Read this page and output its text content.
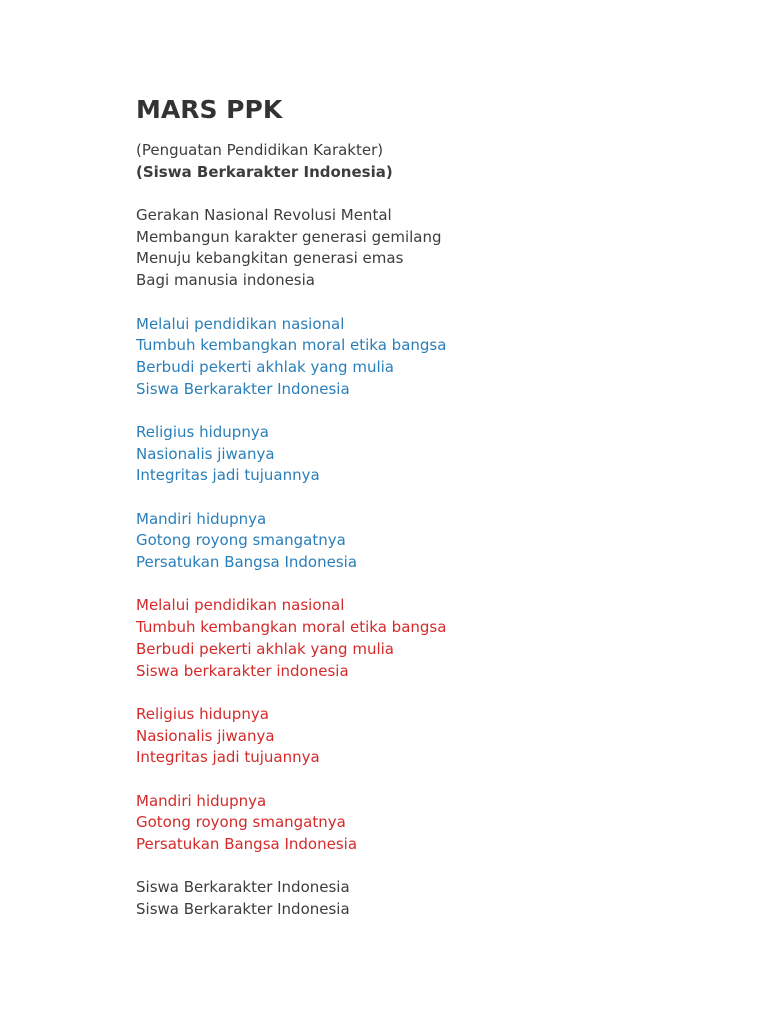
MARS PPK
(Penguatan Pendidikan Karakter)
(Siswa Berkarakter Indonesia)
Gerakan Nasional Revolusi Mental
Membangun karakter generasi gemilang
Menuju kebangkitan generasi emas
Bagi manusia indonesia
Melalui pendidikan nasional
Tumbuh kembangkan moral etika bangsa
Berbudi pekerti akhlak yang mulia
Siswa Berkarakter Indonesia
Religius hidupnya
Nasionalis jiwanya
Integritas jadi tujuannya
Mandiri hidupnya
Gotong royong smangatnya
Persatukan Bangsa Indonesia
Melalui pendidikan nasional
Tumbuh kembangkan moral etika bangsa
Berbudi pekerti akhlak yang mulia
Siswa berkarakter indonesia
Religius hidupnya
Nasionalis jiwanya
Integritas jadi tujuannya
Mandiri hidupnya
Gotong royong smangatnya
Persatukan Bangsa Indonesia
Siswa Berkarakter Indonesia
Siswa Berkarakter Indonesia
